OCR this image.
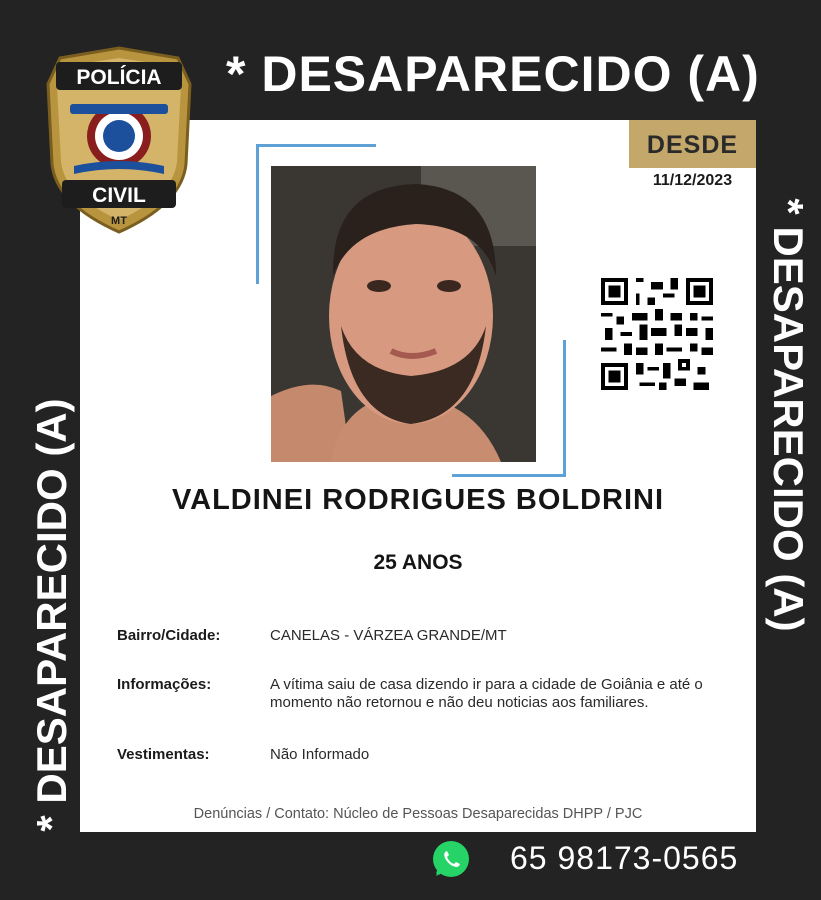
* DESAPARECIDO (A)
* DESAPARECIDO (A)	* DESAPARECIDO (A)
POLÍCIA
CIVIL
MT
DESDE
11/12/2023
VALDINEI RODRIGUES BOLDRINI
25 ANOS
Bairro/Cidade:	CANELAS - VÁRZEA GRANDE/MT
Informações:	A vítima saiu de casa dizendo ir para a cidade de Goiânia e até o momento não retornou e não deu noticias aos familiares.
Vestimentas:	Não Informado
Denúncias / Contato: Núcleo de Pessoas Desaparecidas DHPP / PJC
65 98173-0565
